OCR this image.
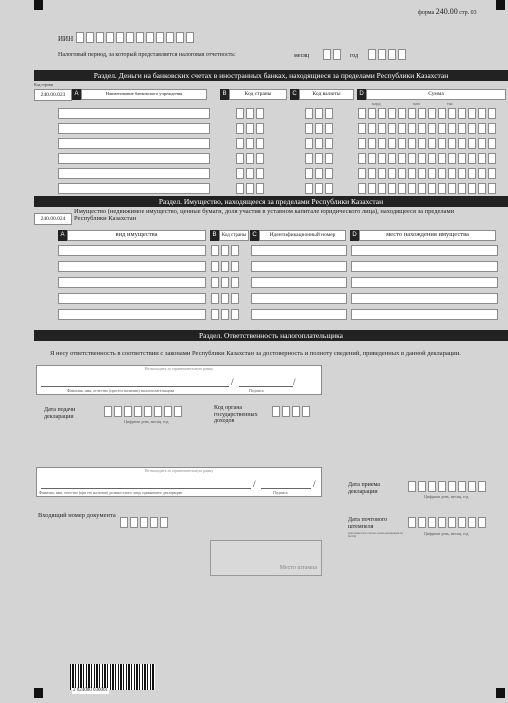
форма 240.00 стр. 03
ИИН
Налоговый период, за который представляется налоговая отчетность:	месяц	год
Раздел. Деньги на банковских счетах в иностранных банках, находящиеся за пределами Республики Казахстан
Код строки
240.00.023	A	Наименование банковского учреждения	B	Код страны	C	Код валюты	D	Сумма
млрд	млн	тыс
Раздел. Имущество, находящееся за пределами Республики Казахстан
240.00.024
Имущество (недвижимое имущество, ценные бумаги, доля участия в уставном капитале юридического лица), находящееся за пределами Республики Казахстан
A	вид имущества	B	Код страны	C	Идентификационный номер	D	место нахождения имущества
Раздел. Ответственность налогоплательщика
Я несу ответственность в соответствии с законами Республики Казахстан за достоверность и полноту сведений, приведенных в данной декларации.
Не выходить за ограничительную рамку
/	/
Фамилия, имя, отчество (при его наличии) налогоплательщика	Подпись
Дата подачи декларации
Цифрами день, месяц, год
Код органа государственных доходов
Не выходить за ограничительную рамку
/	/
Фамилия, имя, отчество (при его наличии) должностного лица, принявшего декларацию	Подпись
Дата приема декларации
Цифрами день, месяц, год
Входящий номер документа
Дата почтового штемпеля
(заполняется в случае сдачи декларации по почте)
Цифрами день, месяц, год
Место штампа
2 024000 030001
